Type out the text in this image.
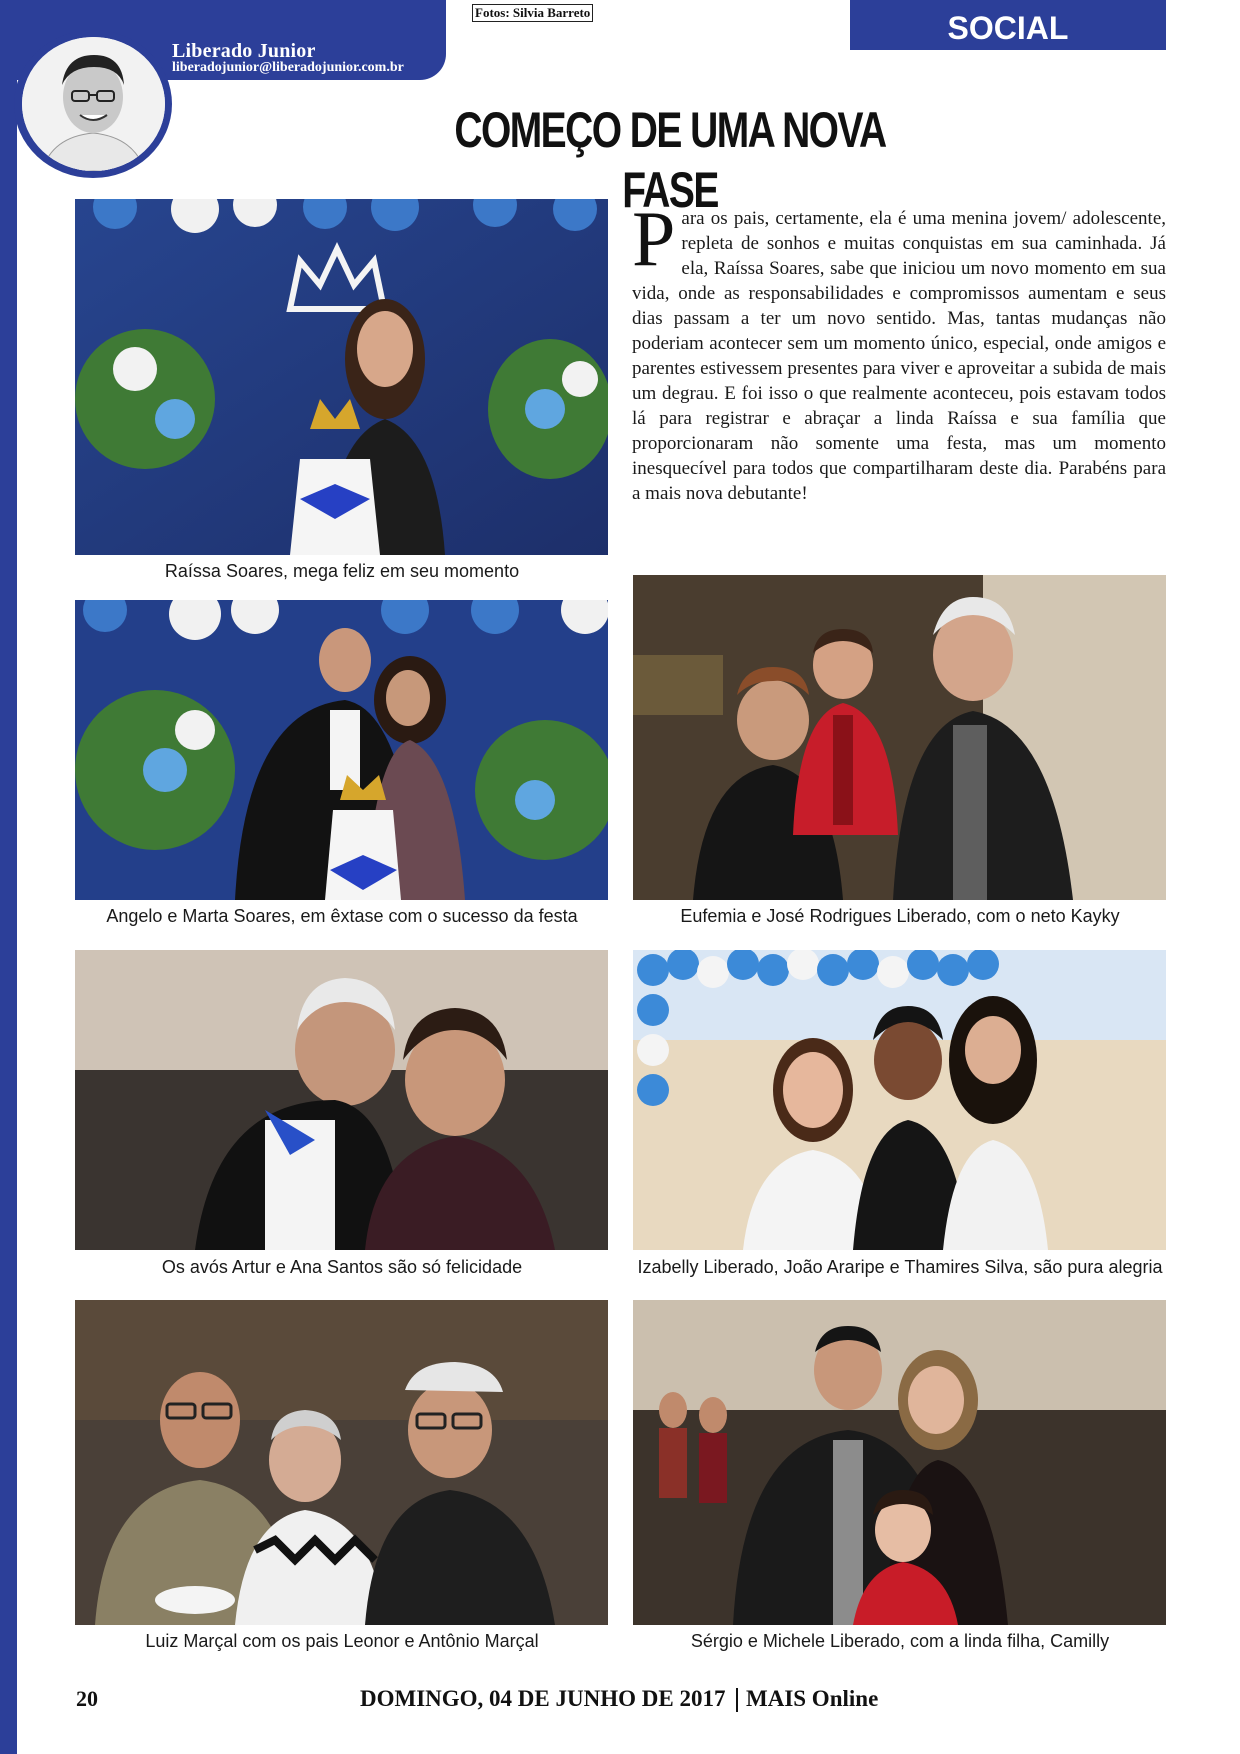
Liberado Junior
liberadojunior@liberadojunior.com.br
Fotos: Silvia Barreto	SOCIAL
COMEÇO DE UMA NOVA FASE
Para os pais, certamente, ela é uma menina jovem/ adolescente, repleta de sonhos e muitas conquistas em sua caminhada. Já ela, Raíssa Soares, sabe que iniciou um novo momento em sua vida, onde as responsabilidades e compromissos aumentam e seus dias passam a ter um novo sentido. Mas, tantas mudanças não poderiam acontecer sem um momento único, especial, onde amigos e parentes estivessem presentes para viver e aproveitar a subida de mais um degrau. E foi isso o que realmente aconteceu, pois estavam todos lá para registrar e abraçar a linda Raíssa e sua família que proporcionaram não somente uma festa, mas um momento inesquecível para todos que compartilharam deste dia. Parabéns para a mais nova debutante!
Raíssa Soares, mega feliz em seu momento
Angelo e Marta Soares, em êxtase com o sucesso da festa	Eufemia e José Rodrigues Liberado, com o neto Kayky
Os avós Artur e Ana Santos são só felicidade	Izabelly Liberado, João Araripe e Thamires Silva, são pura alegria
Luiz Marçal com os pais Leonor e Antônio Marçal	Sérgio e Michele Liberado, com a linda filha, Camilly
20	DOMINGO, 04 DE JUNHO DE 2017 MAIS Online
